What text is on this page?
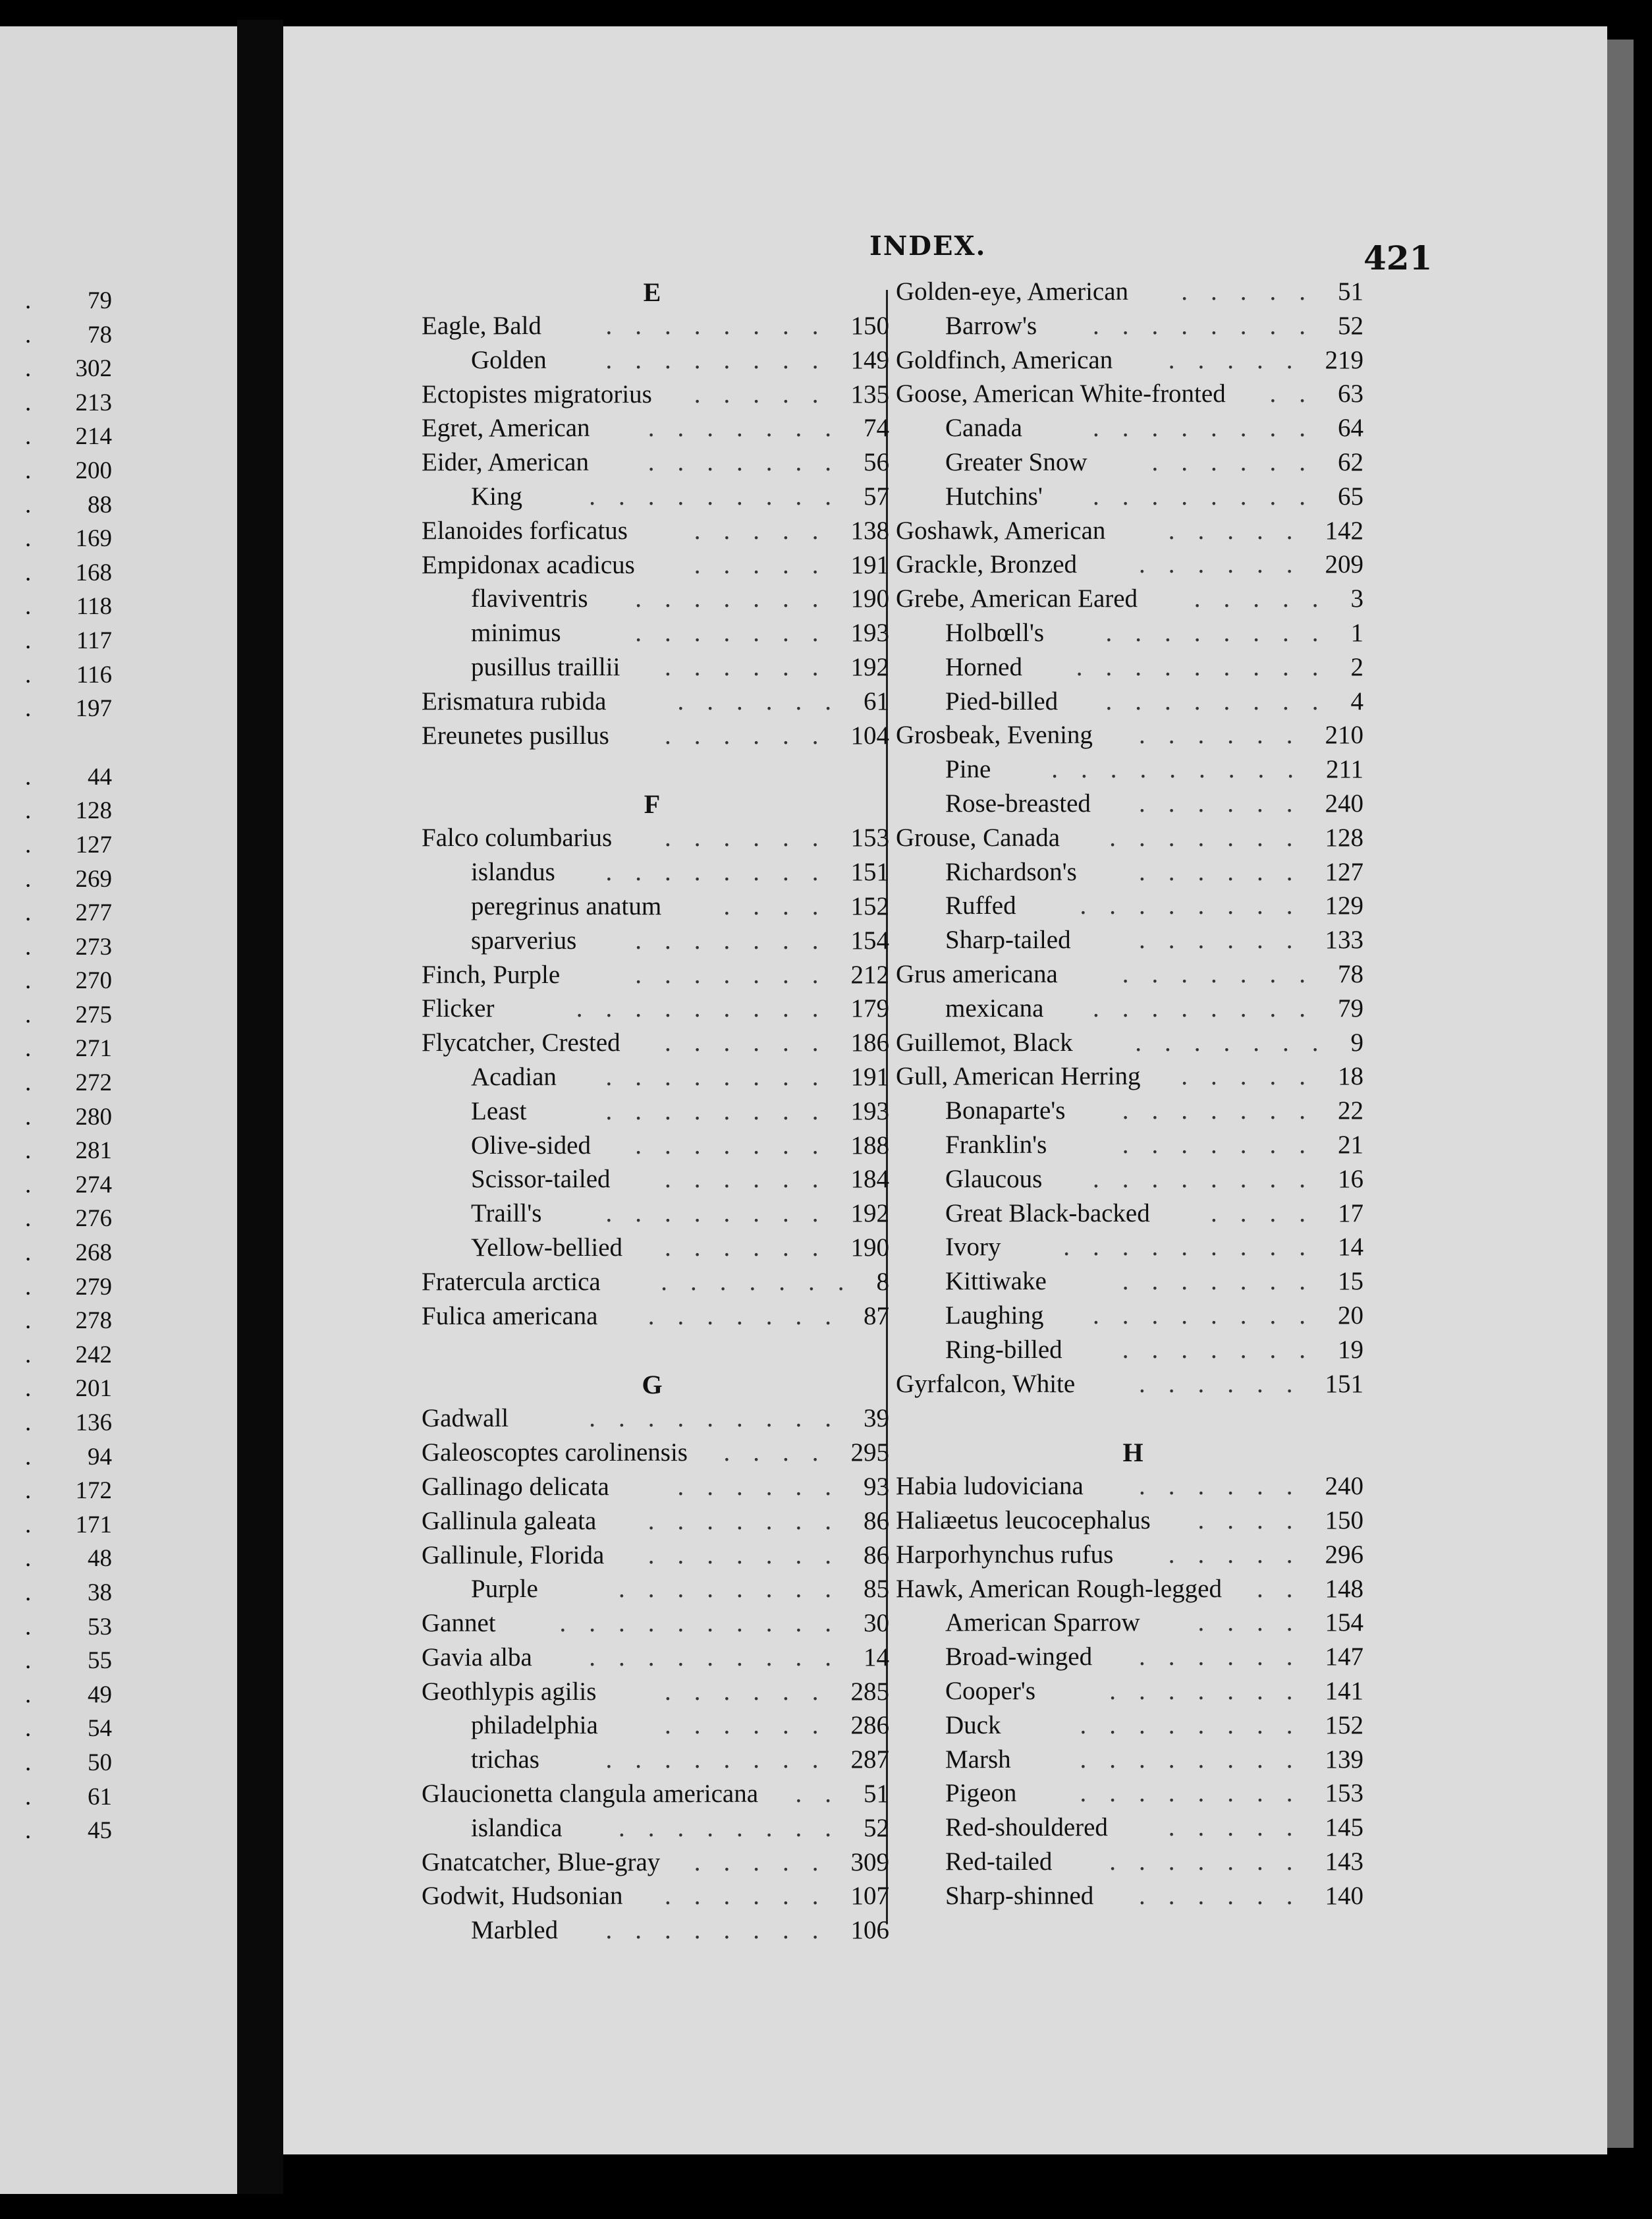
. 79
. 78
. 302
. 213
. 214
. 200
. 88
. 169
. 168
. 118
. 117
. 116
. 197
. 44
. 128
. 127
. 269
. 277
. 273
. 270
. 275
. 271
. 272
. 280
. 281
. 274
. 276
. 268
. 279
. 278
. 242
. 201
. 136
. 94
. 172
. 171
. 48
. 38
. 53
. 55
. 49
. 54
. 50
. 61
. 45
INDEX.	421
E
Eagle, Bald	150
........
Golden	149
........
Ectopistes migratorius	135
.....
Egret, American	74
.......
Eider, American	56
.......
King	57
.........
Elanoides forficatus	138
.....
Empidonax acadicus	191
.....
flaviventris	190
.......
minimus	193
.......
pusillus traillii	192
......
Erismatura rubida	61
......
Ereunetes pusillus	104
......
F
Falco columbarius	153
......
islandus	151
........
peregrinus anatum	152
....
sparverius	154
.......
Finch, Purple	212
.......
Flicker	179
.........
Flycatcher, Crested	186
......
Acadian	191
........
Least	193
........
Olive-sided	188
.......
Scissor-tailed	184
......
Traill's	192
........
Yellow-bellied	190
......
Fratercula arctica	8
.......
Fulica americana	87
.......
G
Gadwall	39
.........
Galeoscoptes carolinensis	295
....
Gallinago delicata	93
......
Gallinula galeata	86
.......
Gallinule, Florida	86
.......
Purple	85
........
Gannet	30
..........
Gavia alba	14
.........
Geothlypis agilis	285
......
philadelphia	286
......
trichas	287
........
Glaucionetta clangula americana	51
..
islandica	52
........
Gnatcatcher, Blue-gray	309
.....
Godwit, Hudsonian	107
......
Marbled	106
........
Golden-eye, American	51
.....
Barrow's	52
........
Goldfinch, American	219
.....
Goose, American White-fronted	63
..
Canada	64
........
Greater Snow	62
......
Hutchins'	65
........
Goshawk, American	142
.....
Grackle, Bronzed	209
......
Grebe, American Eared	3
.....
Holbœll's	1
........
Horned	2
.........
Pied-billed	4
........
Grosbeak, Evening	210
......
Pine	211
.........
Rose-breasted	240
......
Grouse, Canada	128
.......
Richardson's	127
......
Ruffed	129
........
Sharp-tailed	133
......
Grus americana	78
.......
mexicana	79
........
Guillemot, Black	9
.......
Gull, American Herring	18
.....
Bonaparte's	22
.......
Franklin's	21
.......
Glaucous	16
........
Great Black-backed	17
....
Ivory	14
.........
Kittiwake	15
.......
Laughing	20
........
Ring-billed	19
.......
Gyrfalcon, White	151
......
H
Habia ludoviciana	240
......
Haliæetus leucocephalus	150
....
Harporhynchus rufus	296
.....
Hawk, American Rough-legged	148
..
American Sparrow	154
....
Broad-winged	147
......
Cooper's	141
.......
Duck	152
........
Marsh	139
........
Pigeon	153
........
Red-shouldered	145
.....
Red-tailed	143
.......
Sharp-shinned	140
......
